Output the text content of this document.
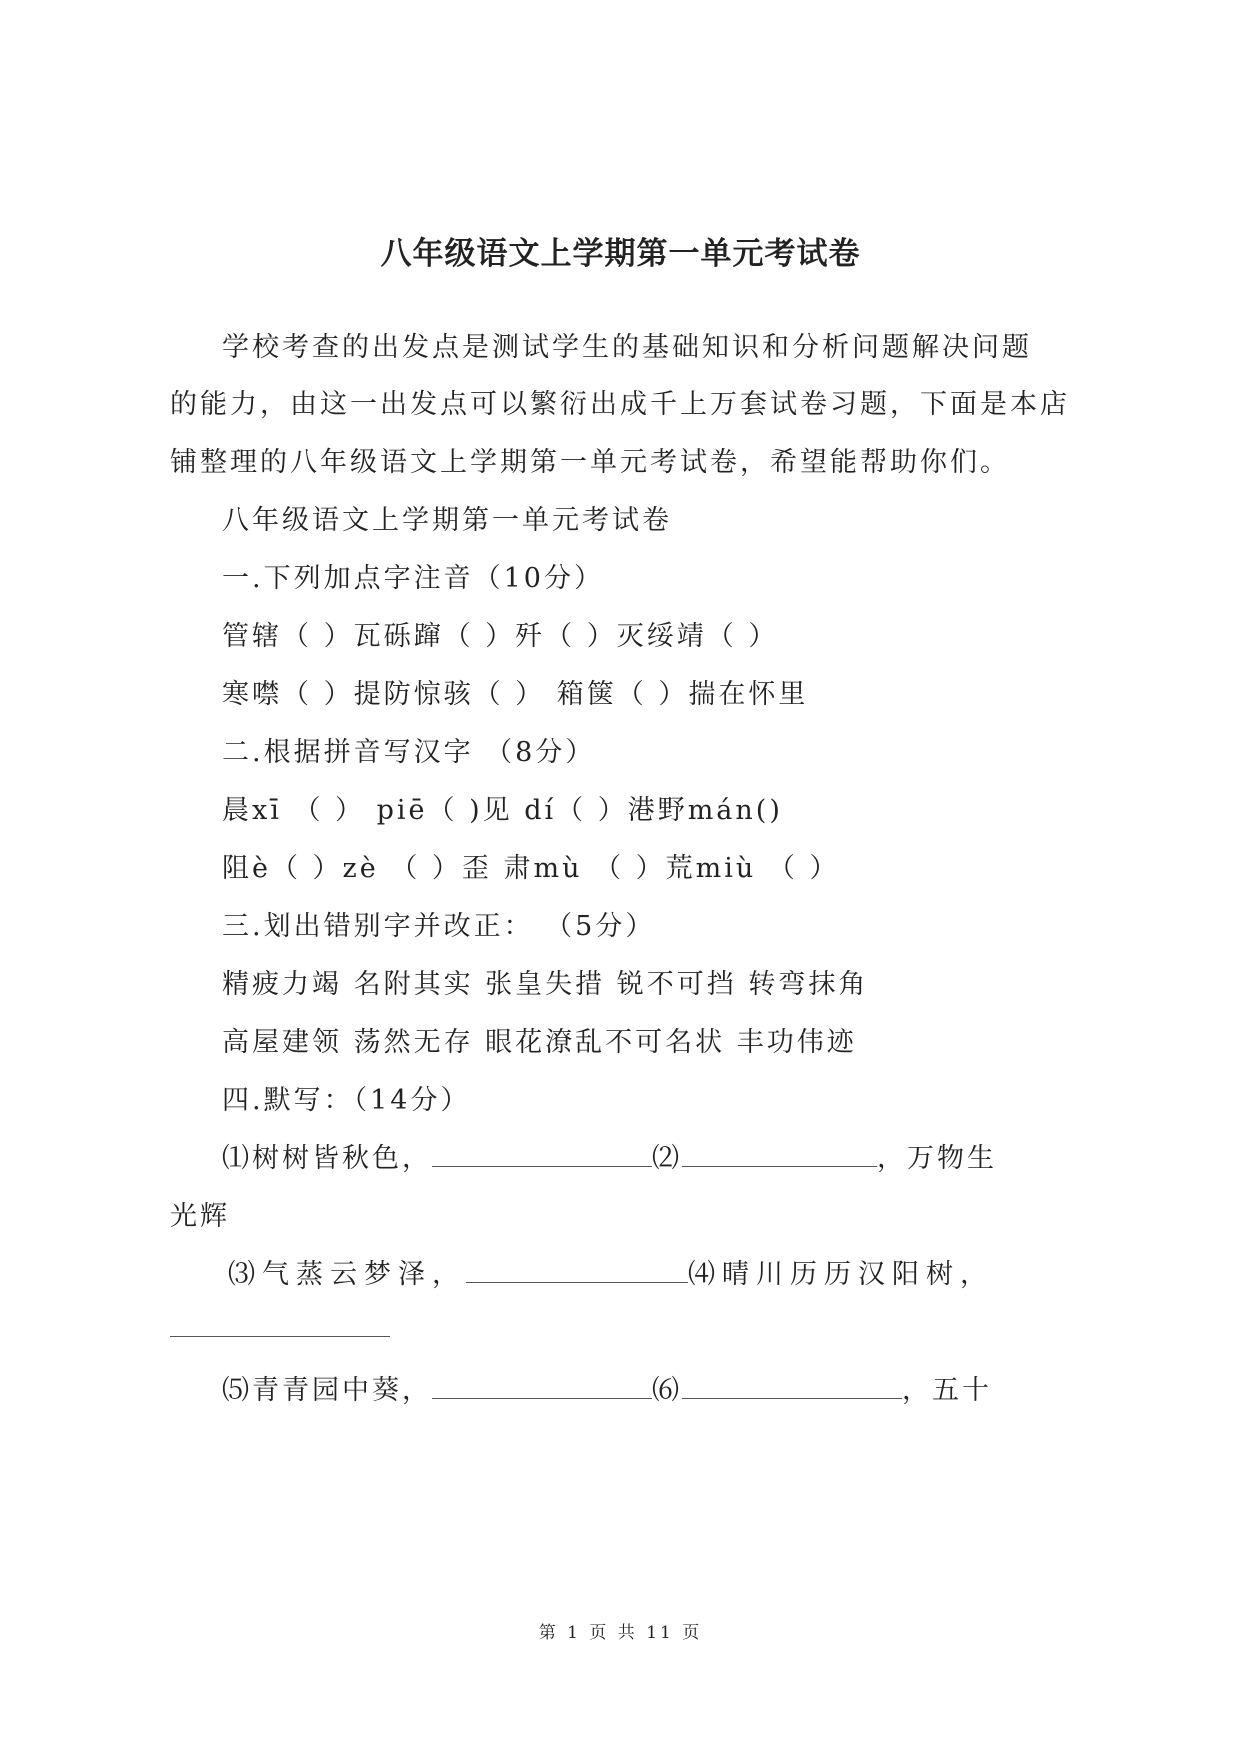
八年级语文上学期第一单元考试卷
学校考查的出发点是测试学生的基础知识和分析问题解决问题
的能力，由这一出发点可以繁衍出成千上万套试卷习题，下面是本店
铺整理的八年级语文上学期第一单元考试卷，希望能帮助你们。
八年级语文上学期第一单元考试卷
一.下列加点字注音（10分）
管辖（ ）瓦砾蹿（ ）歼（ ）灭绥靖（ ）
寒噤（ ）提防惊骇（ ） 箱箧（ ）揣在怀里
二.根据拼音写汉字 （8分）
晨xī （ ） piē（ )见 dí（ ）港野mán()
阻è（ ）zè （ ）歪 肃mù （ ）荒miù （ ）
三.划出错别字并改正： （5分）
精疲力竭 名附其实 张皇失措 锐不可挡 转弯抹角
高屋建领 荡然无存 眼花潦乱不可名状 丰功伟迹
四.默写：（14分）
⑴树树皆秋色，	⑵	，万物生
光辉
⑶气蒸云梦泽，	⑷晴川历历汉阳树，
⑸青青园中葵，	⑹	，五十
第 1 页 共 11 页
